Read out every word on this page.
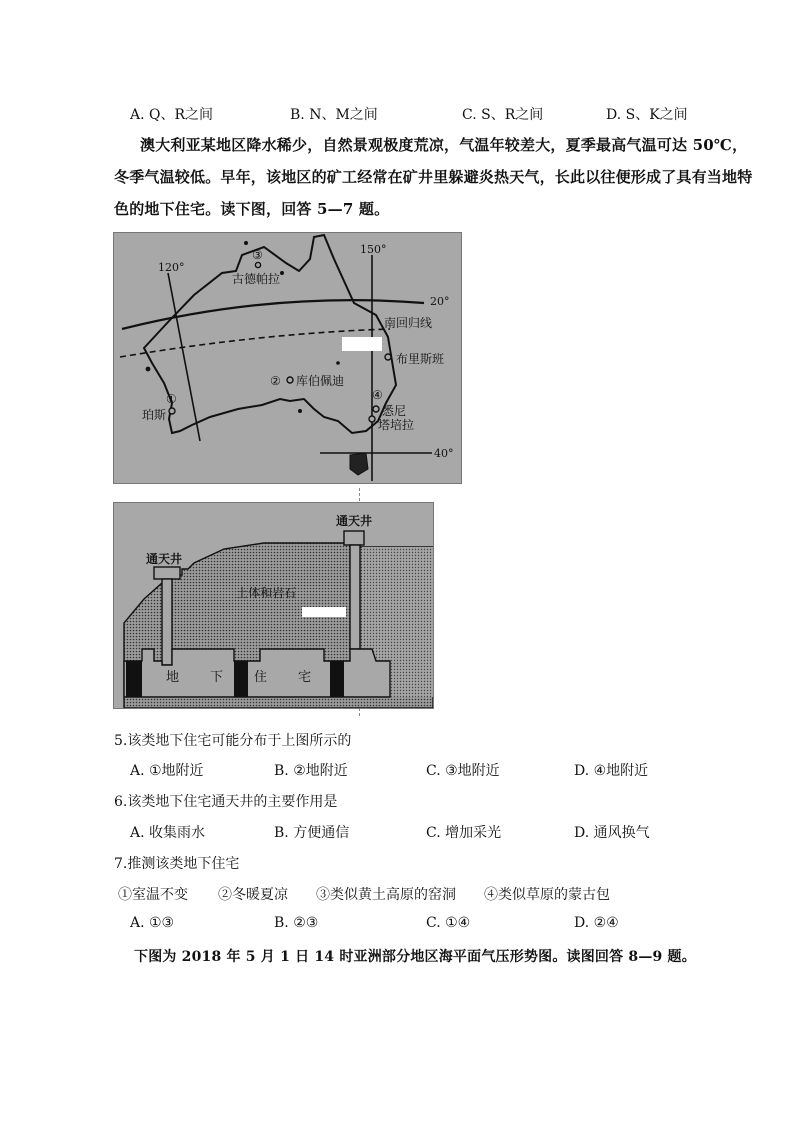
A. Q、R之间	B. N、M之间	C. S、R之间	D. S、K之间
澳大利亚某地区降水稀少，自然景观极度荒凉，气温年较差大，夏季最高气温可达 50℃，
冬季气温较低。早年，该地区的矿工经常在矿井里躲避炎热天气，长此以往便形成了具有当地特
色的地下住宅。读下图，回答 5—7 题。
120°
150°
20°
40°
南回归线
③
古德帕拉
② 库伯佩迪
布里斯班
④
悉尼
塔培拉
①
珀斯
通天井
通天井
土体和岩石
地 下 住 宅
5.该类地下住宅可能分布于上图所示的
A. ①地附近	B. ②地附近	C. ③地附近	D. ④地附近
6.该类地下住宅通天井的主要作用是
A. 收集雨水	B. 方便通信	C. 增加采光	D. 通风换气
7.推测该类地下住宅
①室温不变 ②冬暖夏凉 ③类似黄土高原的窑洞 ④类似草原的蒙古包
A. ①③	B. ②③	C. ①④	D. ②④
下图为 2018 年 5 月 1 日 14 时亚洲部分地区海平面气压形势图。读图回答 8—9 题。
